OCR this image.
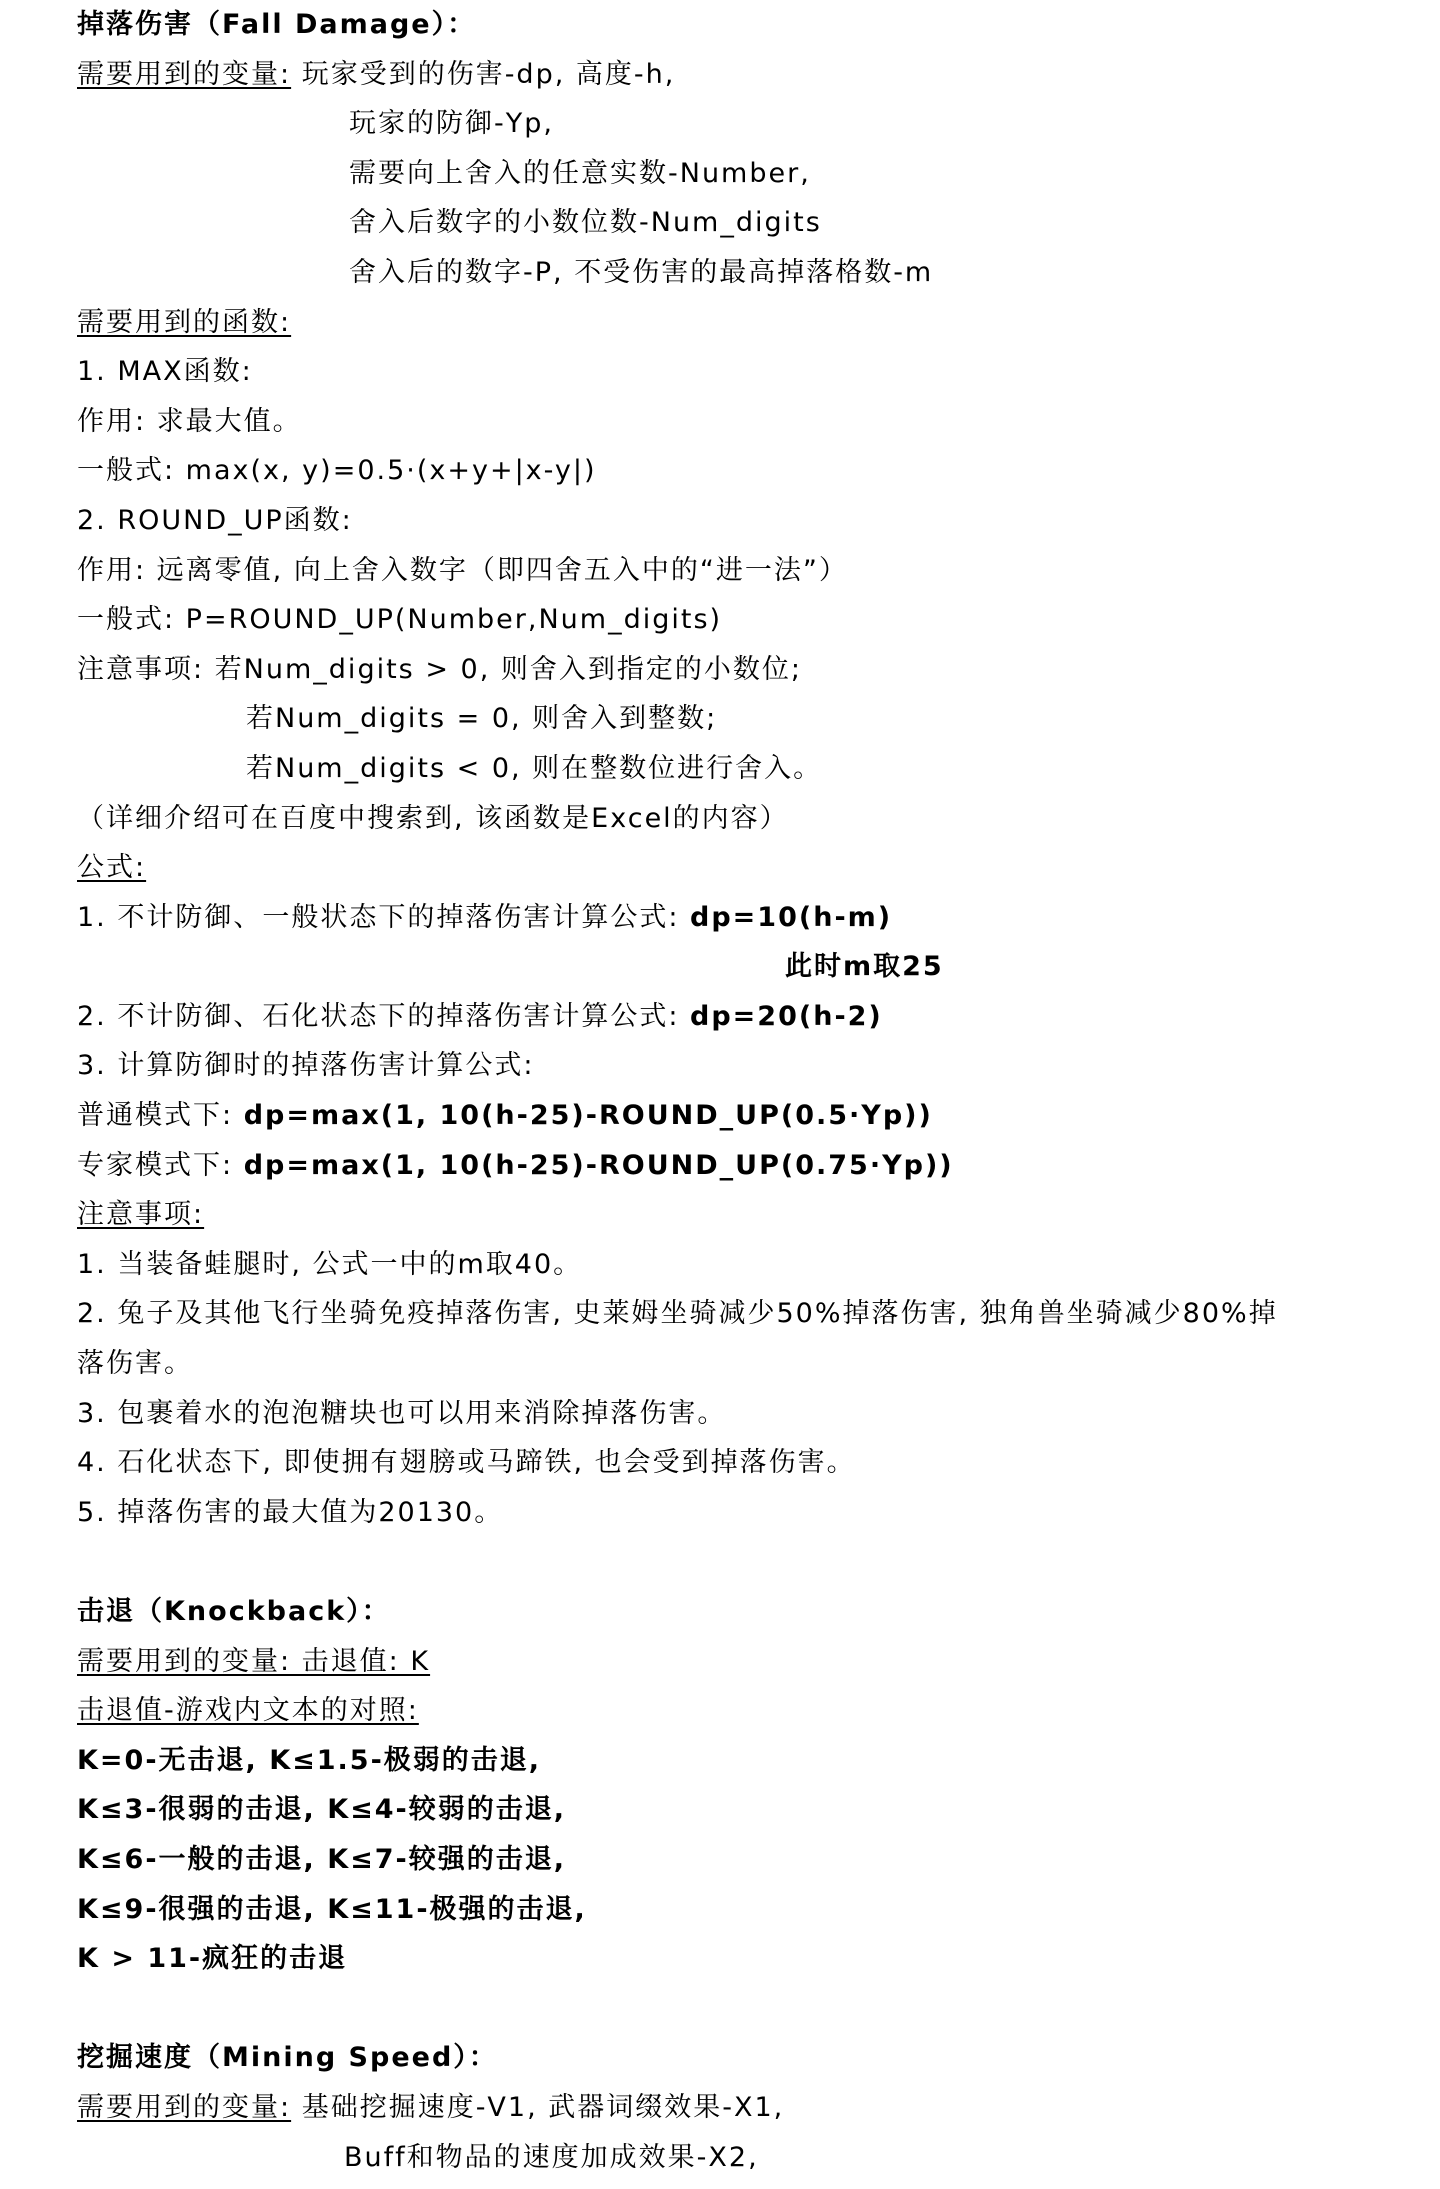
掉落伤害（Fall Damage）：
需要用到的变量: 玩家受到的伤害-dp, 高度-h,
玩家的防御-Yp,
需要向上舍入的任意实数-Number,
舍入后数字的小数位数-Num_digits
舍入后的数字-P, 不受伤害的最高掉落格数-m
需要用到的函数:
1. MAX函数:
作用: 求最大值。
一般式: max(x, y)=0.5·(x+y+|x-y|)
2. ROUND_UP函数:
作用: 远离零值, 向上舍入数字（即四舍五入中的“进一法”）
一般式: P=ROUND_UP(Number,Num_digits)
注意事项: 若Num_digits > 0, 则舍入到指定的小数位;
若Num_digits = 0, 则舍入到整数;
若Num_digits < 0, 则在整数位进行舍入。
（详细介绍可在百度中搜索到, 该函数是Excel的内容）
公式:
1. 不计防御、一般状态下的掉落伤害计算公式: dp=10(h-m)
此时m取25
2. 不计防御、石化状态下的掉落伤害计算公式: dp=20(h-2)
3. 计算防御时的掉落伤害计算公式:
普通模式下: dp=max(1, 10(h-25)-ROUND_UP(0.5·Yp))
专家模式下: dp=max(1, 10(h-25)-ROUND_UP(0.75·Yp))
注意事项:
1. 当装备蛙腿时, 公式一中的m取40。
2. 兔子及其他飞行坐骑免疫掉落伤害, 史莱姆坐骑减少50%掉落伤害, 独角兽坐骑减少80%掉
落伤害。
3. 包裹着水的泡泡糖块也可以用来消除掉落伤害。
4. 石化状态下, 即使拥有翅膀或马蹄铁, 也会受到掉落伤害。
5. 掉落伤害的最大值为20130。
击退（Knockback）：
需要用到的变量: 击退值: K
击退值-游戏内文本的对照:
K=0-无击退, K≤1.5-极弱的击退,
K≤3-很弱的击退, K≤4-较弱的击退,
K≤6-一般的击退, K≤7-较强的击退,
K≤9-很强的击退, K≤11-极强的击退,
K > 11-疯狂的击退
挖掘速度（Mining Speed）：
需要用到的变量: 基础挖掘速度-V1, 武器词缀效果-X1,
Buff和物品的速度加成效果-X2,
